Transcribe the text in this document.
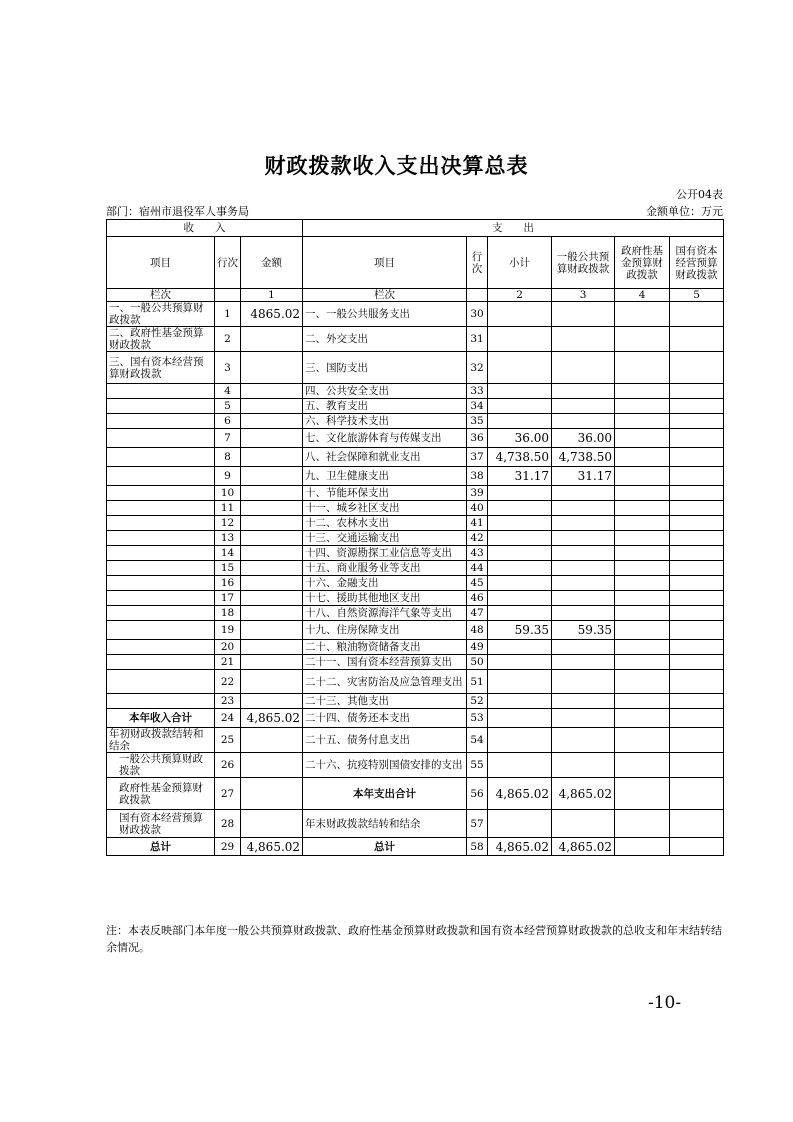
财政拨款收入支出决算总表
公开04表
部门：宿州市退役军人事务局	金额单位：万元
收　　入			支　　出					
项目	行次	金额	项目	行次	小计	一般公共预算财政拨款	政府性基金预算财政拨款	国有资本经营预算财政拨款
栏次		1	栏次		2	3	4	5
一、一般公共预算财政拨款	1	4865.02	一、一般公共服务支出	30				
二、政府性基金预算财政拨款	2		二、外交支出	31				
三、国有资本经营预算财政拨款	3		三、国防支出	32				
	4		四、公共安全支出	33				
	5		五、教育支出	34				
	6		六、科学技术支出	35				
	7		七、文化旅游体育与传媒支出	36	36.00	36.00		
	8		八、社会保障和就业支出	37	4,738.50	4,738.50		
	9		九、卫生健康支出	38	31.17	31.17		
	10		十、节能环保支出	39				
	11		十一、城乡社区支出	40				
	12		十二、农林水支出	41				
	13		十三、交通运输支出	42				
	14		十四、资源勘探工业信息等支出	43				
	15		十五、商业服务业等支出	44				
	16		十六、金融支出	45				
	17		十七、援助其他地区支出	46				
	18		十八、自然资源海洋气象等支出	47				
	19		十九、住房保障支出	48	59.35	59.35		
	20		二十、粮油物资储备支出	49				
	21		二十一、国有资本经营预算支出	50				
	22		二十二、灾害防治及应急管理支出	51				
	23		二十三、其他支出	52				
本年收入合计	24	4,865.02	二十四、债务还本支出	53				
年初财政拨款结转和结余	25		二十五、债务付息支出	54				
一般公共预算财政拨款	26		二十六、抗疫特别国债安排的支出	55				
政府性基金预算财政拨款	27		本年支出合计	56	4,865.02	4,865.02		
国有资本经营预算财政拨款	28		年末财政拨款结转和结余	57				
总计	29	4,865.02	总计	58	4,865.02	4,865.02		
注：本表反映部门本年度一般公共预算财政拨款、政府性基金预算财政拨款和国有资本经营预算财政拨款的总收支和年末结转结余情况。
-10-
